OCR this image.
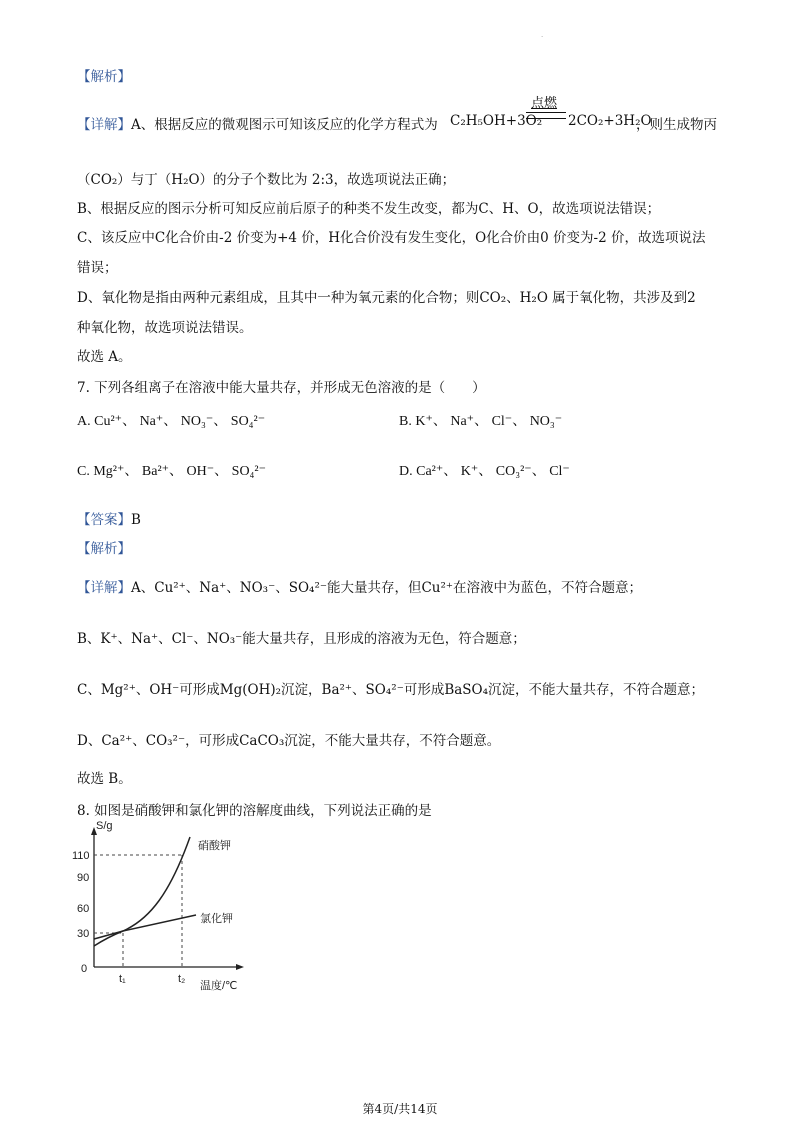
.
【解析】
【详解】A、根据反应的微观图示可知该反应的化学方程式为 C₂H₅OH+3O₂
点燃
2CO₂+3H₂O
，则生成物丙
（CO₂）与丁（H₂O）的分子个数比为 2:3，故选项说法正确；
B、根据反应的图示分析可知反应前后原子的种类不发生改变，都为C、H、O，故选项说法错误；
C、该反应中C化合价由-2 价变为+4 价，H化合价没有发生变化，O化合价由0 价变为-2 价，故选项说法
错误；
D、氧化物是指由两种元素组成，且其中一种为氧元素的化合物；则CO₂、H₂O 属于氧化物，共涉及到2
种氧化物，故选项说法错误。
故选 A。
7. 下列各组离子在溶液中能大量共存，并形成无色溶液的是（　　）
A. Cu²⁺、 Na⁺、 NO₃⁻、 SO₄²⁻	B. K⁺、 Na⁺、 Cl⁻、 NO₃⁻
C. Mg²⁺、 Ba²⁺、 OH⁻、 SO₄²⁻	D. Ca²⁺、 K⁺、 CO₃²⁻、 Cl⁻
【答案】B
【解析】
【详解】A、Cu²⁺、Na⁺、NO₃⁻、SO₄²⁻能大量共存，但Cu²⁺在溶液中为蓝色，不符合题意；
B、K⁺、Na⁺、Cl⁻、NO₃⁻能大量共存，且形成的溶液为无色，符合题意；
C、Mg²⁺、OH⁻可形成Mg(OH)₂沉淀，Ba²⁺、SO₄²⁻可形成BaSO₄沉淀，不能大量共存，不符合题意；
D、Ca²⁺、CO₃²⁻，可形成CaCO₃沉淀，不能大量共存，不符合题意。
故选 B。
8. 如图是硝酸钾和氯化钾的溶解度曲线，下列说法正确的是
S/g
110
90
60
30
0
t₁	t₂
温度/℃
硝酸钾
氯化钾
第4页/共14页
